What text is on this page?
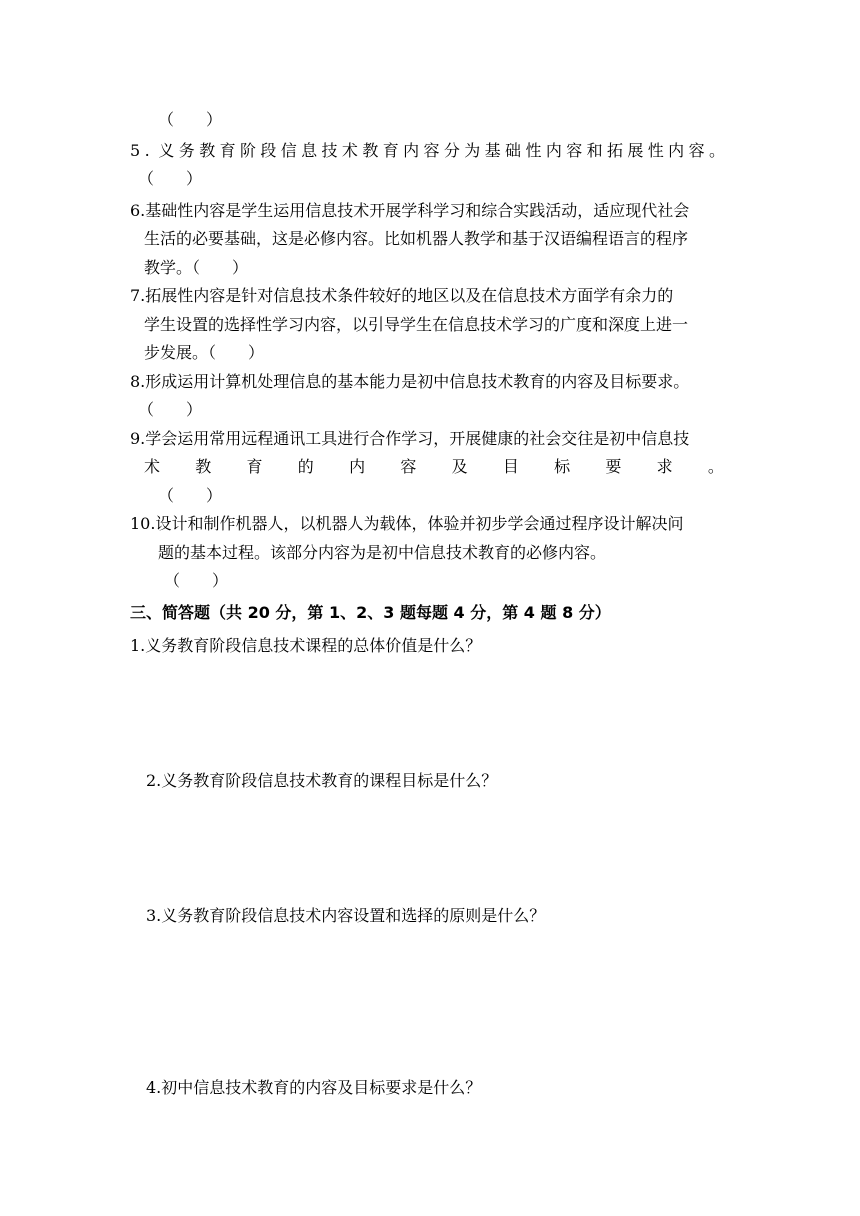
（　　）
5 . 义 务 教 育 阶 段 信 息 技 术 教 育 内 容 分 为 基 础 性 内 容 和 拓 展 性 内 容 。
（　　）
6.基础性内容是学生运用信息技术开展学科学习和综合实践活动，适应现代社会
生活的必要基础，这是必修内容。比如机器人教学和基于汉语编程语言的程序
教学。（　　）
7.拓展性内容是针对信息技术条件较好的地区以及在信息技术方面学有余力的
学生设置的选择性学习内容，以引导学生在信息技术学习的广度和深度上进一
步发展。（　　）
8.形成运用计算机处理信息的基本能力是初中信息技术教育的内容及目标要求。
（　　）
9.学会运用常用远程通讯工具进行合作学习，开展健康的社会交往是初中信息技
术 教 育 的 内 容 及 目 标 要 求 。
（　　）
10.设计和制作机器人，以机器人为载体，体验并初步学会通过程序设计解决问
题的基本过程。该部分内容为是初中信息技术教育的必修内容。
（　　）
三、简答题（共 20 分，第 1、2、3 题每题 4 分，第 4 题 8 分）
1.义务教育阶段信息技术课程的总体价值是什么？
2.义务教育阶段信息技术教育的课程目标是什么？
3.义务教育阶段信息技术内容设置和选择的原则是什么？
4.初中信息技术教育的内容及目标要求是什么？
